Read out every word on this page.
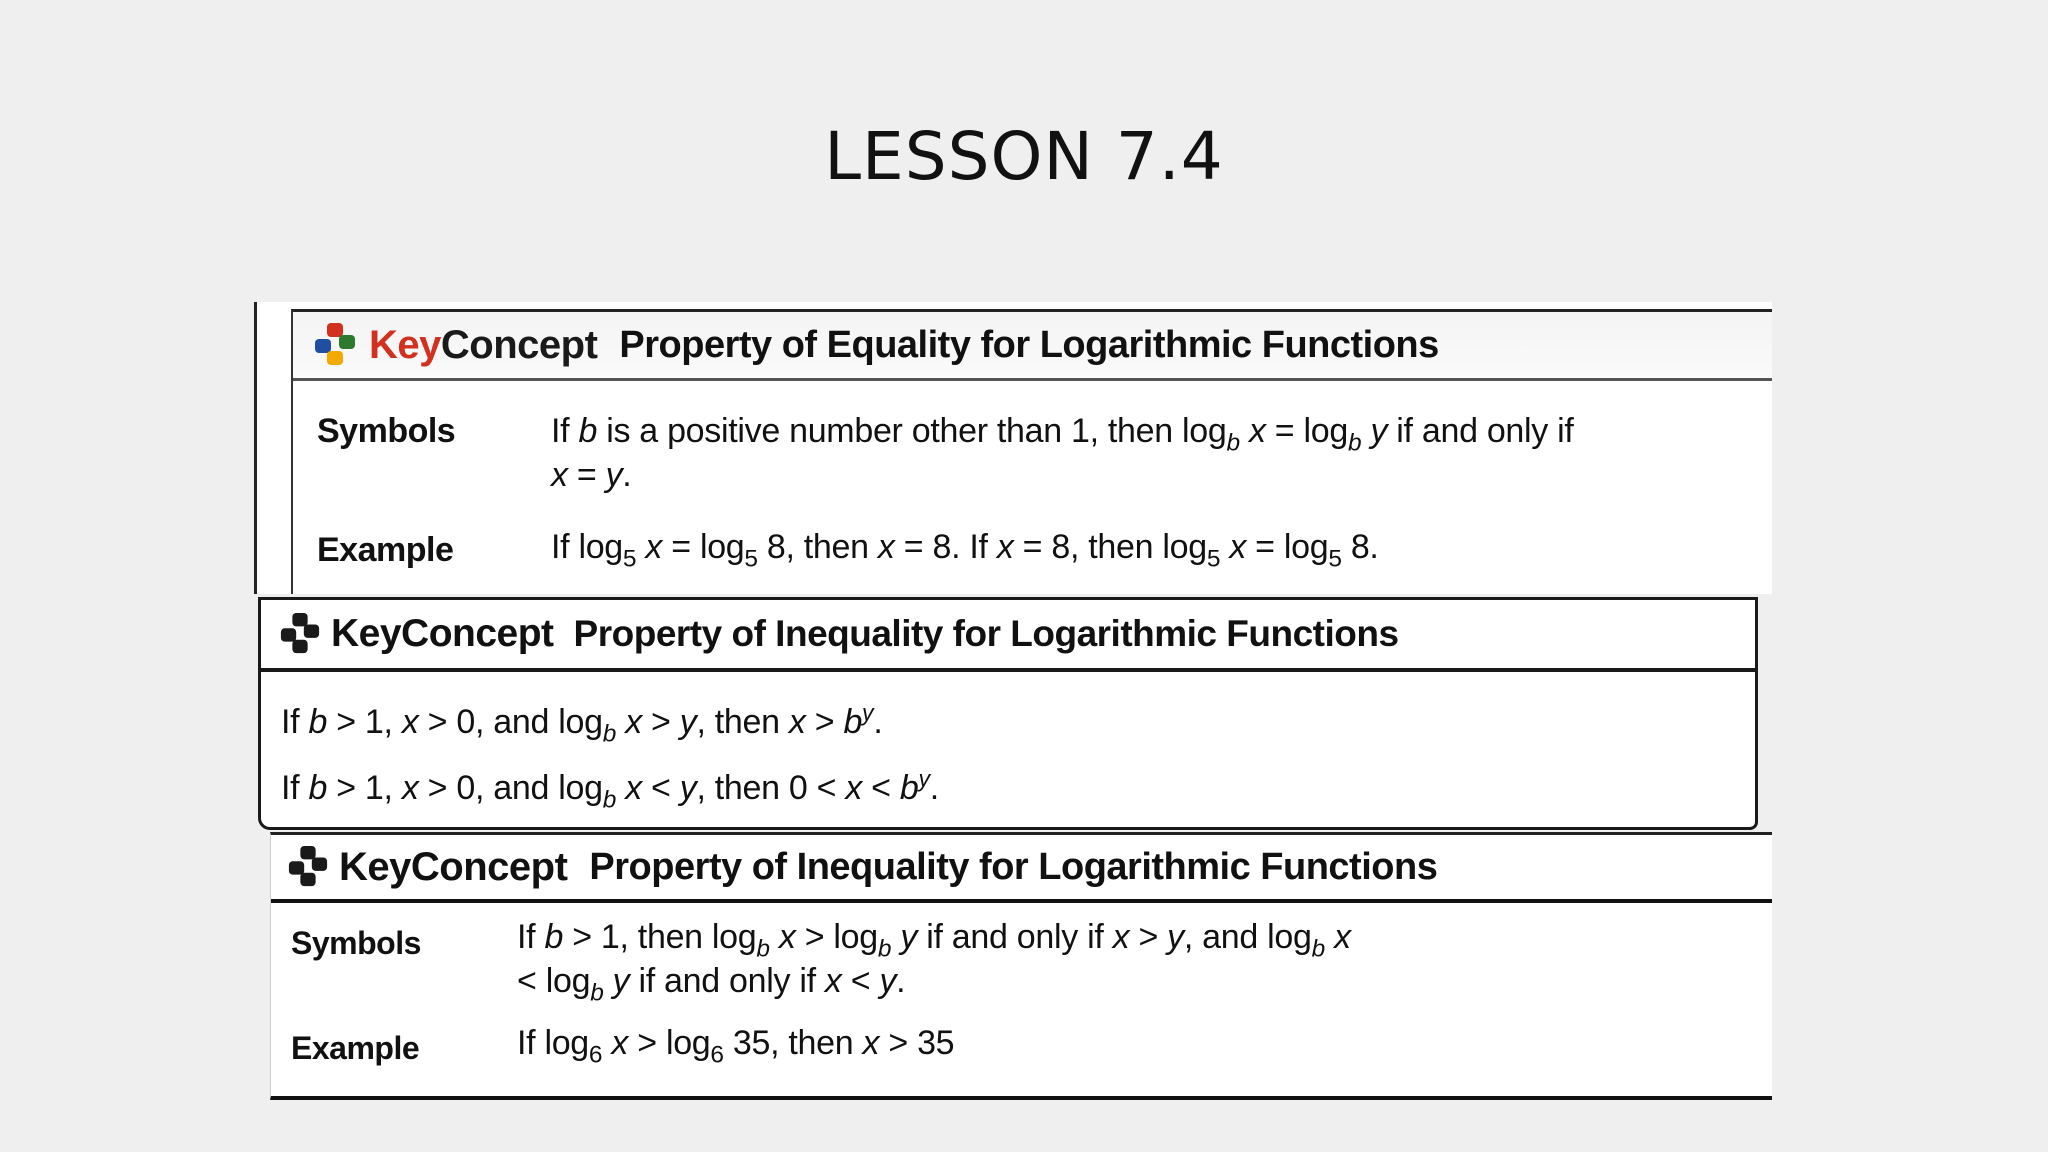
LESSON 7.4
Key Concept Property of Equality for Logarithmic Functions
Symbols	If b is a positive number other than 1, then $\log_b x = \log_b y$ if and only if x = y.
Example	If $\log_5 x = \log_5 8$, then x = 8. If x = 8, then $\log_5 x = \log_5 8$.
Key Concept Property of Inequality for Logarithmic Functions
If b > 1, x > 0, and $\log_b x > y$, then $x > b^y$.
If b > 1, x > 0, and $\log_b x < y$, then $0 < x < b^y$.
Key Concept Property of Inequality for Logarithmic Functions
Symbols	If b > 1, then $\log_b x > \log_b y$ if and only if x > y, and $\log_b x < \log_b y$ if and only if x < y.
Example	If $\log_6 x > \log_6 35$, then x > 35
